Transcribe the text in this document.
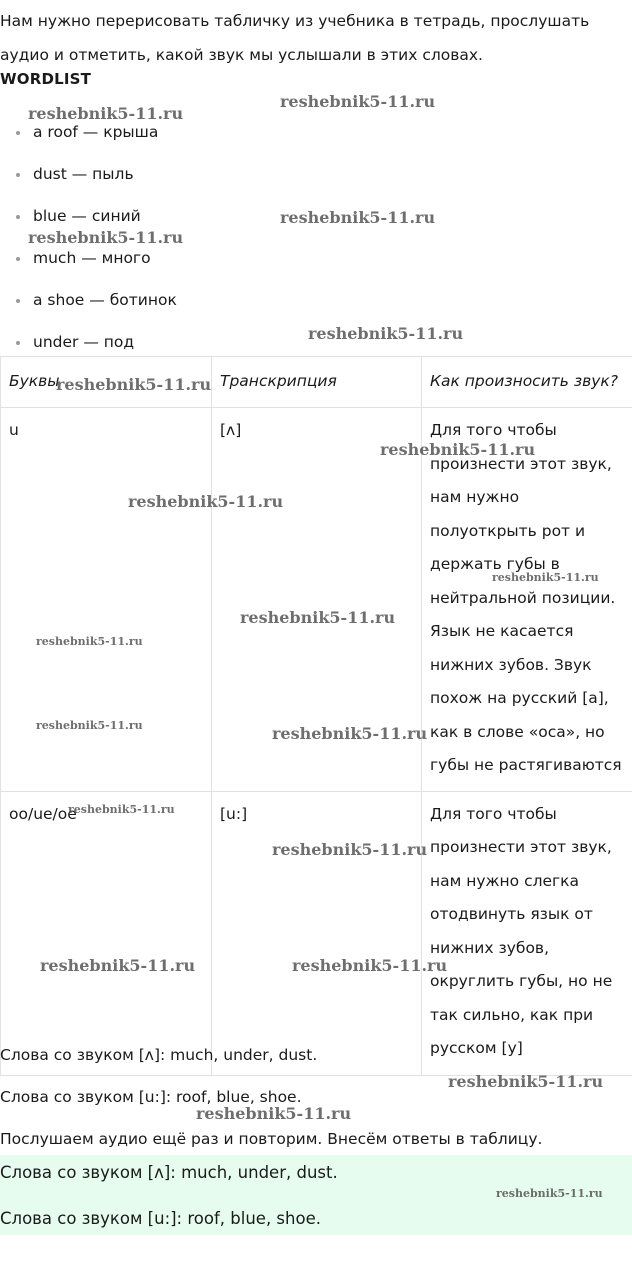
Нам нужно перерисовать табличку из учебника в тетрадь, прослушать аудио и отметить, какой звук мы услышали в этих словах.

WORDLIST

a roof — крыша
dust — пыль
blue — синий
much — много
a shoe — ботинок
under — под
Буквы	Транскрипция	Как произносить звук?
u	[ʌ]	Для того чтобы произнести этот звук, нам нужно полуоткрыть рот и держать губы в нейтральной позиции. Язык не касается нижних зубов. Звук похож на русский [а], как в слове «оса», но губы не растягиваются
oo/ue/oe	[u:]	Для того чтобы произнести этот звук, нам нужно слегка отодвинуть язык от нижних зубов, округлить губы, но не так сильно, как при русском [у]

Слова со звуком [ʌ]: much, under, dust.

Слова со звуком [u:]: roof, blue, shoe.

Послушаем аудио ещё раз и повторим. Внесём ответы в таблицу.

Слова со звуком [ʌ]: much, under, dust.

Слова со звуком [u:]: roof, blue, shoe.

reshebnik5-11.ru
reshebnik5-11.ru
reshebnik5-11.ru
reshebnik5-11.ru
reshebnik5-11.ru
reshebnik5-11.ru
reshebnik5-11.ru
reshebnik5-11.ru
reshebnik5-11.ru
reshebnik5-11.ru
reshebnik5-11.ru
reshebnik5-11.ru	reshebnik5-11.ru
reshebnik5-11.ru
reshebnik5-11.ru
reshebnik5-11.ru	reshebnik5-11.ru
reshebnik5-11.ru
reshebnik5-11.ru
reshebnik5-11.ru
